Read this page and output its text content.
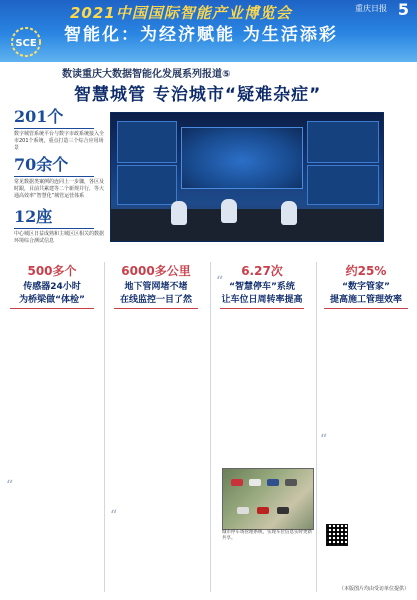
SCE
2021中国国际智能产业博览会
智能化：为经济赋能 为生活添彩
重庆日报 5
数读重庆大数据智能化发展系列报道⑤
智慧城管 专治城市“疑难杂症”
201个
数字城管系统平台与数字市政系统接入全市201个系统，重点打造三个综合应用场景
70余个
常见数据类案例的连同上一步骤，各区及时跟，目前共累建等二个新规并行，等大通高效率“智慧化”城管运营体系
12座
中心城区日益成熟和主城区区相关的数据环境综合测试信息
500多个
传感器24小时
为桥梁做“体检”
6000多公里
地下管网堵不堵
在线监控一目了然
6.27次
“智慧停车”系统
让车位日周转率提高
约25%
“数字管家”
提高施工管理效率
“
“
“
“
城市停车场管理系统，实现车位信息实时更新共享。
（本版图片均由受访单位提供）
